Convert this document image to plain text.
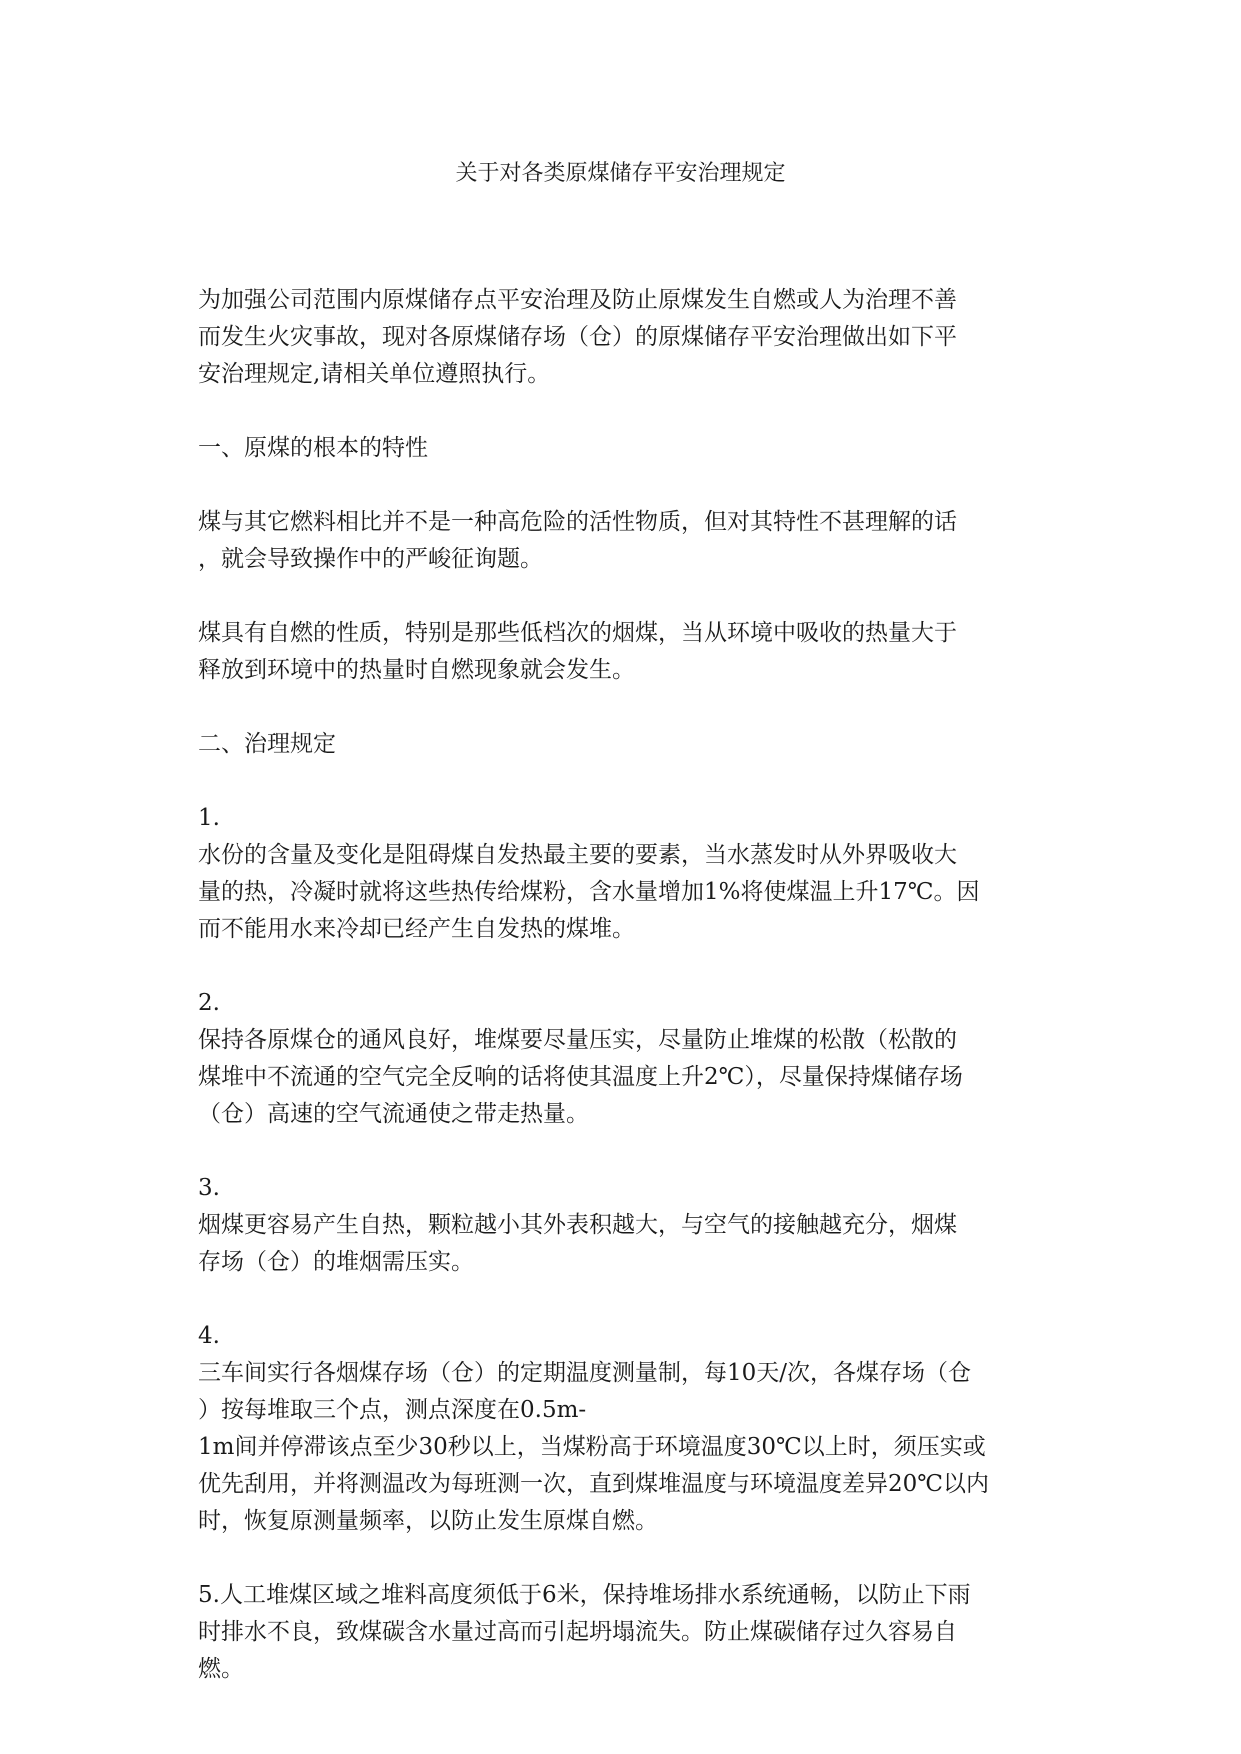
关于对各类原煤储存平安治理规定

为加强公司范围内原煤储存点平安治理及防止原煤发生自燃或人为治理不善
而发生火灾事故，现对各原煤储存场（仓）的原煤储存平安治理做出如下平
安治理规定,请相关单位遵照执行。

一、原煤的根本的特性

煤与其它燃料相比并不是一种高危险的活性物质，但对其特性不甚理解的话
，就会导致操作中的严峻征询题。

煤具有自燃的性质，特别是那些低档次的烟煤，当从环境中吸收的热量大于
释放到环境中的热量时自燃现象就会发生。

二、治理规定

1.
水份的含量及变化是阻碍煤自发热最主要的要素，当水蒸发时从外界吸收大
量的热，冷凝时就将这些热传给煤粉，含水量增加1%将使煤温上升17℃。因
而不能用水来冷却已经产生自发热的煤堆。

2.
保持各原煤仓的通风良好，堆煤要尽量压实，尽量防止堆煤的松散（松散的
煤堆中不流通的空气完全反响的话将使其温度上升2℃），尽量保持煤储存场
（仓）高速的空气流通使之带走热量。

3.
烟煤更容易产生自热，颗粒越小其外表积越大，与空气的接触越充分，烟煤
存场（仓）的堆烟需压实。

4.
三车间实行各烟煤存场（仓）的定期温度测量制，每10天/次，各煤存场（仓
）按每堆取三个点，测点深度在0.5m-
1m间并停滞该点至少30秒以上，当煤粉高于环境温度30℃以上时，须压实或
优先刮用，并将测温改为每班测一次，直到煤堆温度与环境温度差异20℃以内
时，恢复原测量频率，以防止发生原煤自燃。

5.人工堆煤区域之堆料高度须低于6米，保持堆场排水系统通畅，以防止下雨
时排水不良，致煤碳含水量过高而引起坍塌流失。防止煤碳储存过久容易自
燃。
